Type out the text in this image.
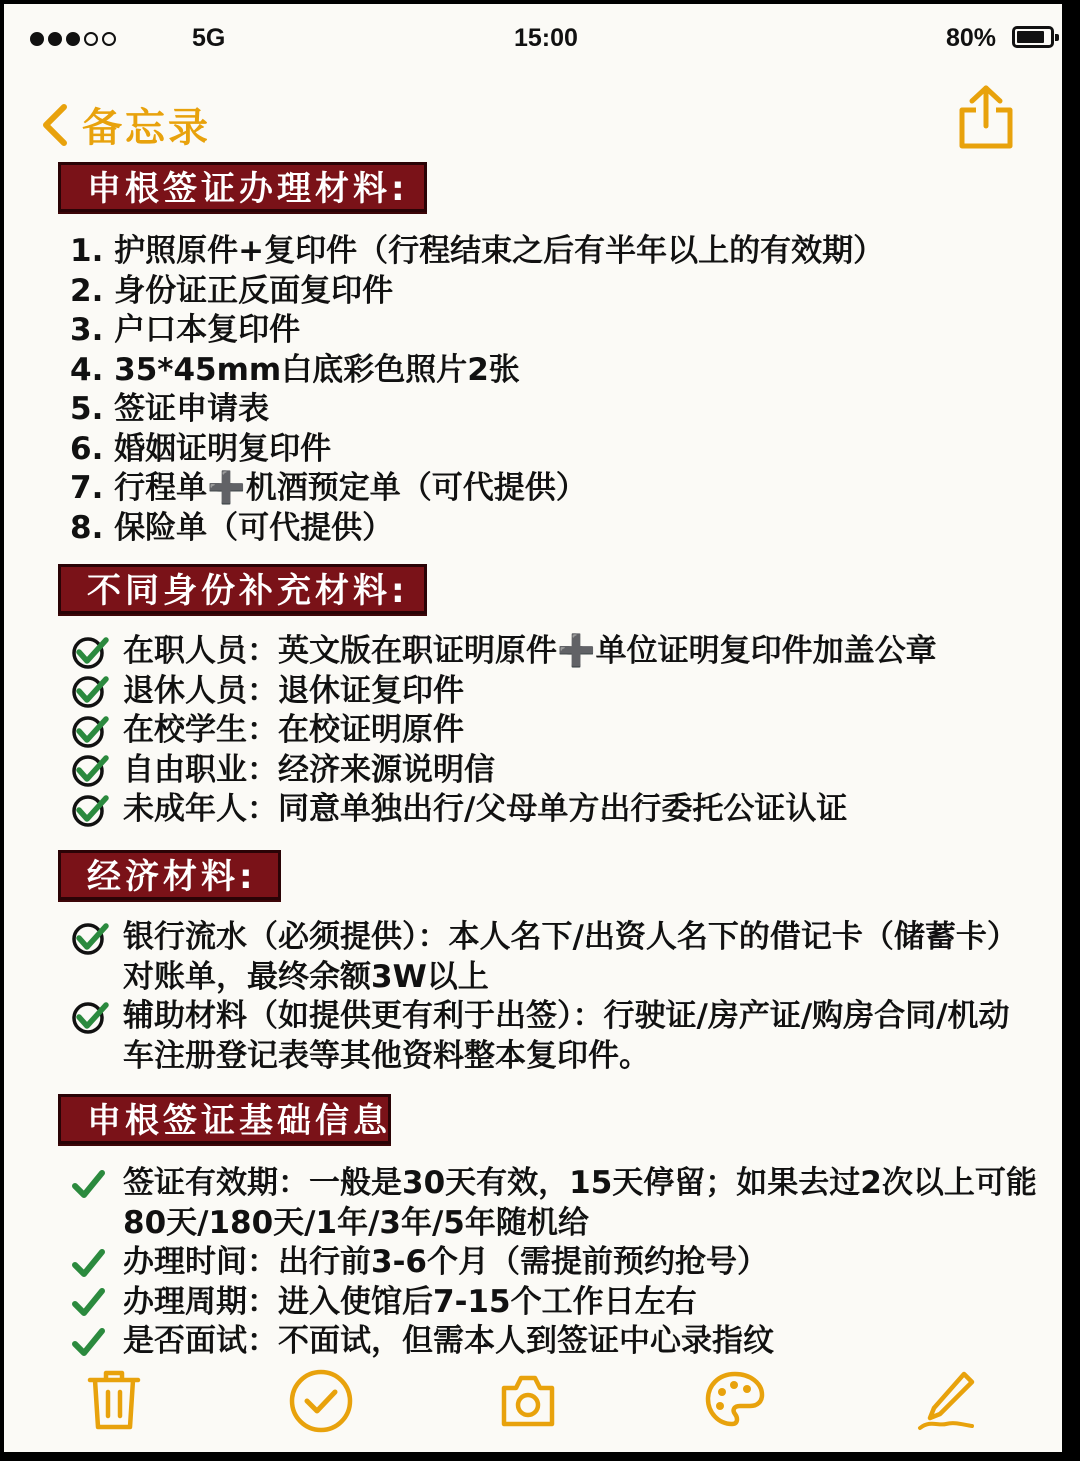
5G	15:00	80%
备忘录
申根签证办理材料:
1. 护照原件+复印件（行程结束之后有半年以上的有效期）
2. 身份证正反面复印件
3. 户口本复印件
4. 35*45mm白底彩色照片2张
5. 签证申请表
6. 婚姻证明复印件
7. 行程单➕机酒预定单（可代提供）
8. 保险单（可代提供）
不同身份补充材料:
在职人员：英文版在职证明原件➕单位证明复印件加盖公章
退休人员：退休证复印件
在校学生：在校证明原件
自由职业：经济来源说明信
未成年人：同意单独出行/父母单方出行委托公证认证
经济材料:
银行流水（必须提供）：本人名下/出资人名下的借记卡（储蓄卡）对账单，最终余额3W以上
辅助材料（如提供更有利于出签）：行驶证/房产证/购房合同/机动车注册登记表等其他资料整本复印件。
申根签证基础信息
签证有效期：一般是30天有效，15天停留；如果去过2次以上可能80天/180天/1年/3年/5年随机给
办理时间：出行前3-6个月（需提前预约抢号）
办理周期：进入使馆后7-15个工作日左右
是否面试：不面试，但需本人到签证中心录指纹
